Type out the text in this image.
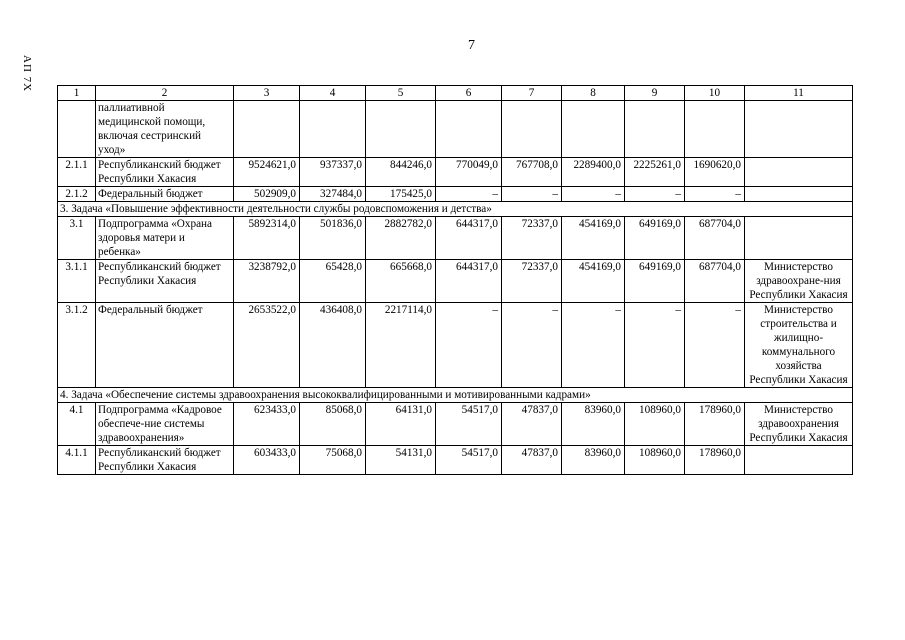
7
АП 7Х
1	2	3	4	5	6	7	8	9	10	11
	паллиативной медицинской помощи, включая сестринский уход»									
2.1.1	Республиканский бюджет Республики Хакасия	9524621,0	937337,0	844246,0	770049,0	767708,0	2289400,0	2225261,0	1690620,0	
2.1.2	Федеральный бюджет	502909,0	327484,0	175425,0	–	–	–	–	–	
3. Задача «Повышение эффективности деятельности службы родовспоможения и детства»										
3.1	Подпрограмма «Охрана здоровья матери и ребенка»	5892314,0	501836,0	2882782,0	644317,0	72337,0	454169,0	649169,0	687704,0	
3.1.1	Республиканский бюджет Республики Хакасия	3238792,0	65428,0	665668,0	644317,0	72337,0	454169,0	649169,0	687704,0	Министерство здравоохране-ния Республики Хакасия
3.1.2	Федеральный бюджет	2653522,0	436408,0	2217114,0	–	–	–	–	–	Министерство строительства и жилищно-коммунального хозяйства Республики Хакасия
4. Задача «Обеспечение системы здравоохранения высококвалифицированными и мотивированными кадрами»										
4.1	Подпрограмма «Кадровое обеспече-ние системы здравоохранения»	623433,0	85068,0	64131,0	54517,0	47837,0	83960,0	108960,0	178960,0	Министерство здравоохранения Республики Хакасия
4.1.1	Республиканский бюджет Республики Хакасия	603433,0	75068,0	54131,0	54517,0	47837,0	83960,0	108960,0	178960,0	
